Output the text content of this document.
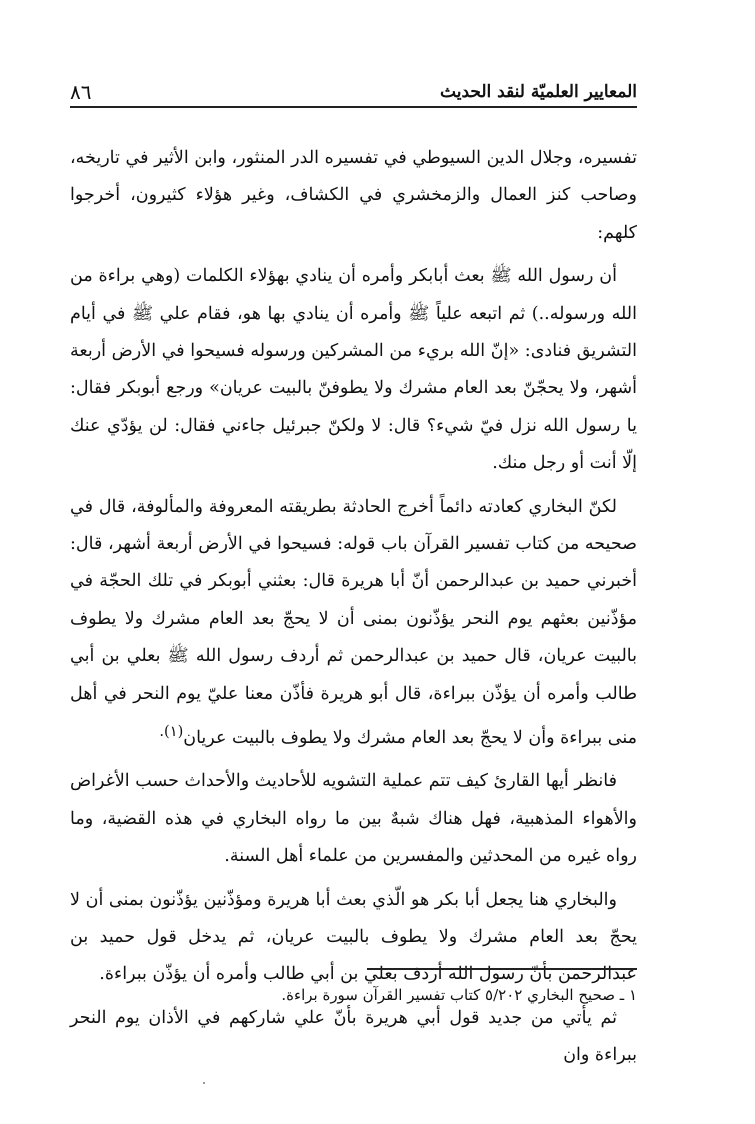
المعايير العلميّة لنقد الحديث
٨٦

تفسيره، وجلال الدين السيوطي في تفسيره الدر المنثور، وابن الأثير في تاريخه، وصاحب كنز العمال والزمخشري في الكشاف، وغير هؤلاء كثيرون، أخرجوا كلهم:

أن رسول الله ﷺ بعث أبابكر وأمره أن ينادي بهؤلاء الكلمات (وهي براءة من الله ورسوله..) ثم اتبعه علياً ﷺ وأمره أن ينادي بها هو، فقام علي ﷺ في أيام التشريق فنادى: «إنّ الله بريء من المشركين ورسوله فسيحوا في الأرض أربعة أشهر، ولا يحجّنّ بعد العام مشرك ولا يطوفنّ بالبيت عريان» ورجع أبوبكر فقال: يا رسول الله نزل فيّ شيء؟ قال: لا ولكنّ جبرئيل جاءني فقال: لن يؤدّي عنك إلّا أنت أو رجل منك.

لكنّ البخاري كعادته دائماً أخرج الحادثة بطريقته المعروفة والمألوفة، قال في صحيحه من كتاب تفسير القرآن باب قوله: فسيحوا في الأرض أربعة أشهر، قال: أخبرني حميد بن عبدالرحمن أنّ أبا هريرة قال: بعثني أبوبكر في تلك الحجّة في مؤذّنين بعثهم يوم النحر يؤذّنون بمنى أن لا يحجّ بعد العام مشرك ولا يطوف بالبيت عريان، قال حميد بن عبدالرحمن ثم أردف رسول الله ﷺ بعلي بن أبي طالب وأمره أن يؤذّن ببراءة، قال أبو هريرة فأذّن معنا عليّ يوم النحر في أهل منى ببراءة وأن لا يحجّ بعد العام مشرك ولا يطوف بالبيت عريان$^{(١).}$

فانظر أيها القارئ كيف تتم عملية التشويه للأحاديث والأحداث حسب الأغراض والأهواء المذهبية، فهل هناك شبهٌ بين ما رواه البخاري في هذه القضية، وما رواه غيره من المحدثين والمفسرين من علماء أهل السنة.

والبخاري هنا يجعل أبا بكر هو الّذي بعث أبا هريرة ومؤذّنين يؤذّنون بمنى أن لا يحجّ بعد العام مشرك ولا يطوف بالبيت عريان، ثم يدخل قول حميد بن عبدالرحمن بأنّ رسول الله أردف بعلي بن أبي طالب وأمره أن يؤذّن ببراءة.

ثم يأتي من جديد قول أبي هريرة بأنّ علي شاركهم في الأذان يوم النحر ببراءة وان

١ ـ صحيح البخاري ٥/٢٠٢ كتاب تفسير القرآن سورة براءة.
